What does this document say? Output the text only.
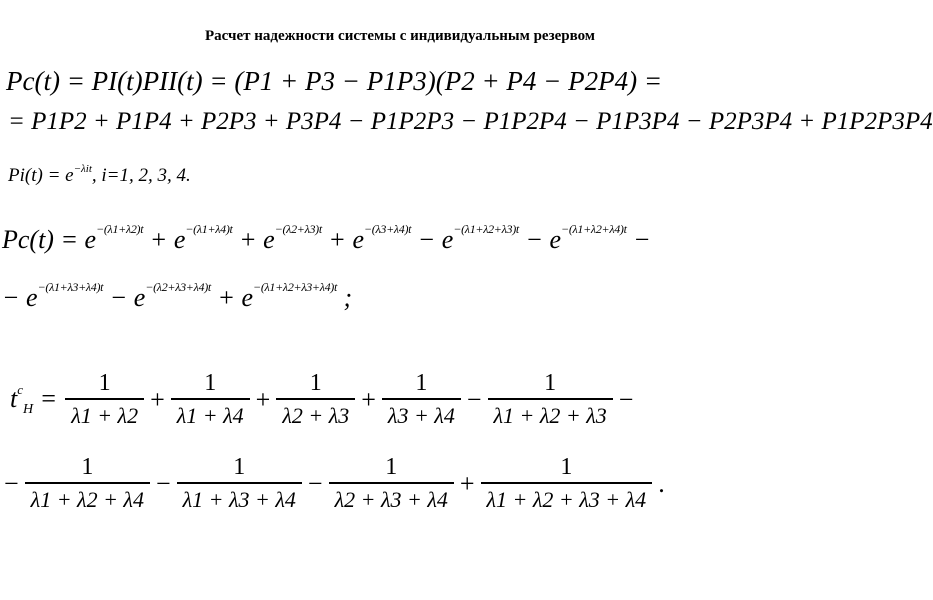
Расчет надежности системы с индивидуальным резервом
Pс(t) = PI(t)PII(t) = (P1 + P3 − P1P3)(P2 + P4 − P2P4) =
= P1P2 + P1P4 + P2P3 + P3P4 − P1P2P3 − P1P2P4 − P1P3P4 − P2P3P4 + P1P2P3P4
$Pi(t) = e^{-\lambda it}$, i=1, 2, 3, 4.
$Pс(t) = e^{-(\lambda 1+\lambda 2)t} + e^{-(\lambda 1+\lambda 4)t} + e^{-(\lambda 2+\lambda 3)t} + e^{-(\lambda 3+\lambda 4)t} - e^{-(\lambda 1+\lambda 2+\lambda 3)t} - e^{-(\lambda 1+\lambda 2+\lambda 4)t}$ −
− $e^{-(\lambda 1+\lambda 3+\lambda 4)t} - e^{-(\lambda 2+\lambda 3+\lambda 4)t} + e^{-(\lambda 1+\lambda 2+\lambda 3+\lambda 4)t}$ ;
$t^с_H = \frac{1}{\lambda 1 + \lambda 2} + \frac{1}{\lambda 1 + \lambda 4} + \frac{1}{\lambda 2 + \lambda 3} + \frac{1}{\lambda 3 + \lambda 4} - \frac{1}{\lambda 1 + \lambda 2 + \lambda 3}$ −
− $\frac{1}{\lambda 1 + \lambda 2 + \lambda 4} - \frac{1}{\lambda 1 + \lambda 3 + \lambda 4} - \frac{1}{\lambda 2 + \lambda 3 + \lambda 4} + \frac{1}{\lambda 1 + \lambda 2 + \lambda 3 + \lambda 4}$ .
